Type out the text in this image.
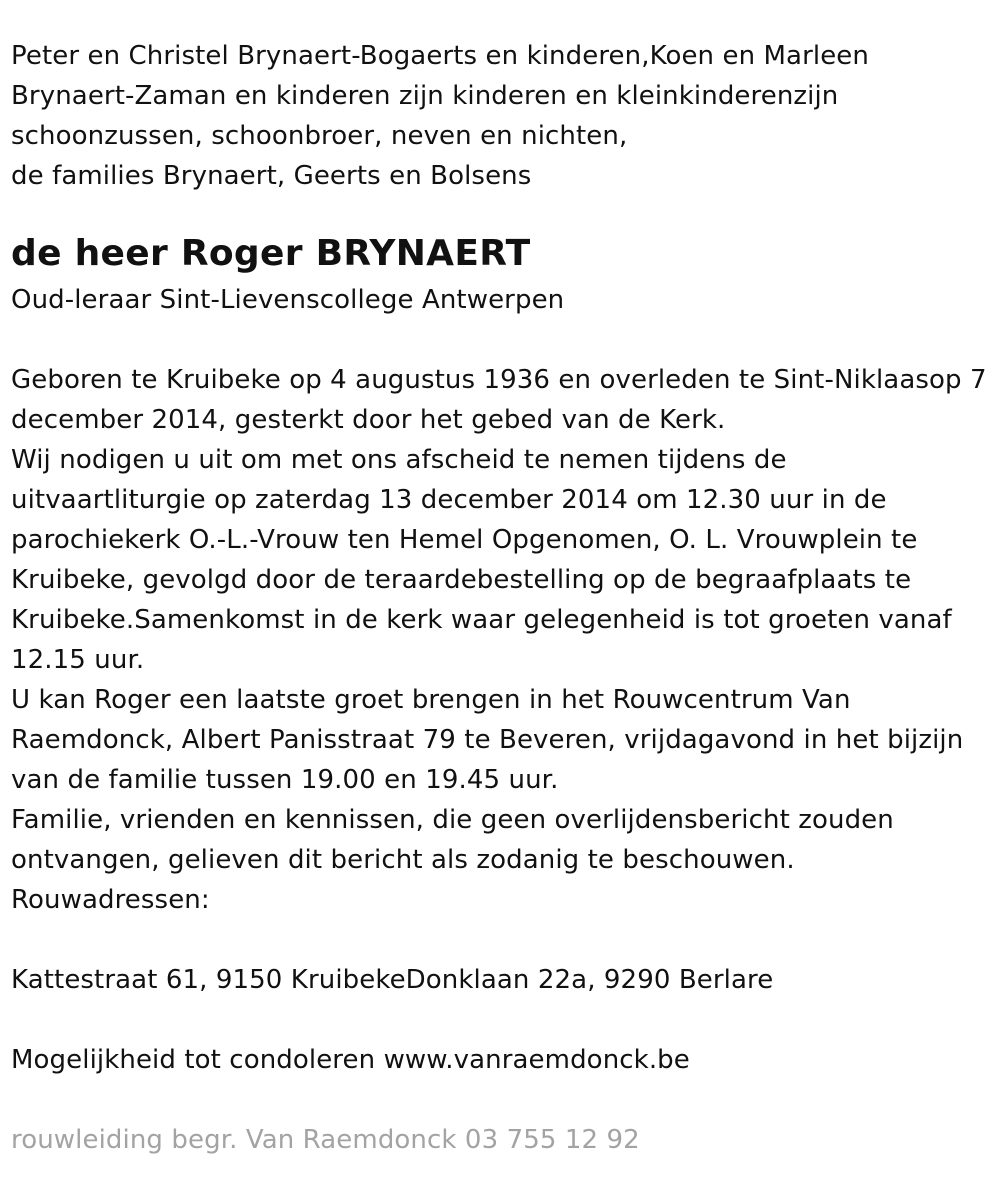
Peter en Christel Brynaert-Bogaerts en kinderen,Koen en Marleen
Brynaert-Zaman en kinderen zijn kinderen en kleinkinderenzijn
schoonzussen, schoonbroer, neven en nichten,
de families Brynaert, Geerts en Bolsens
de heer Roger BRYNAERT
Oud-leraar Sint-Lievenscollege Antwerpen
Geboren te Kruibeke op 4 augustus 1936 en overleden te Sint-Niklaasop 7
december 2014, gesterkt door het gebed van de Kerk.
Wij nodigen u uit om met ons afscheid te nemen tijdens de
uitvaartliturgie op zaterdag 13 december 2014 om 12.30 uur in de
parochiekerk O.-L.-Vrouw ten Hemel Opgenomen, O. L. Vrouwplein te
Kruibeke, gevolgd door de teraardebestelling op de begraafplaats te
Kruibeke.Samenkomst in de kerk waar gelegenheid is tot groeten vanaf
12.15 uur.
U kan Roger een laatste groet brengen in het Rouwcentrum Van
Raemdonck, Albert Panisstraat 79 te Beveren, vrijdagavond in het bijzijn
van de familie tussen 19.00 en 19.45 uur.
Familie, vrienden en kennissen, die geen overlijdensbericht zouden
ontvangen, gelieven dit bericht als zodanig te beschouwen.
Rouwadressen:
Kattestraat 61, 9150 KruibekeDonklaan 22a, 9290 Berlare
Mogelijkheid tot condoleren www.vanraemdonck.be
rouwleiding begr. Van Raemdonck 03 755 12 92
